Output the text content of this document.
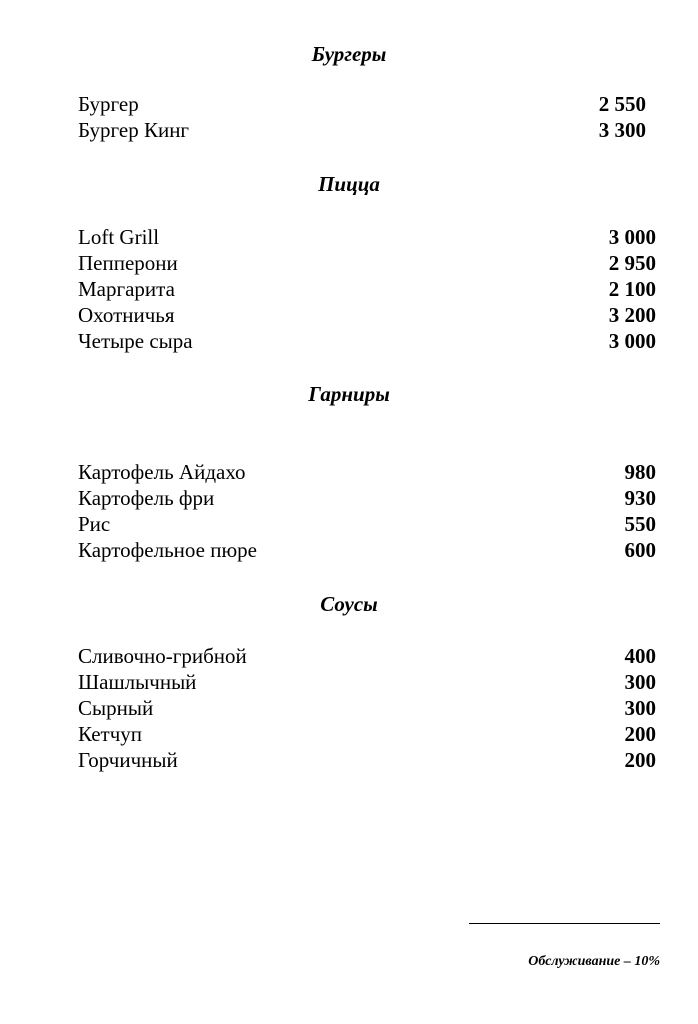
Бургеры
Бургер	2 550
Бургер Кинг	3 300
Пицца
Loft Grill	3 000
Пепперони	2 950
Маргарита	2 100
Охотничья	3 200
Четыре сыра	3 000
Гарниры
Картофель Айдахо	980
Картофель фри	930
Рис	550
Картофельное пюре	600
Соусы
Сливочно-грибной	400
Шашлычный	300
Сырный	300
Кетчуп	200
Горчичный	200
Обслуживание – 10%
